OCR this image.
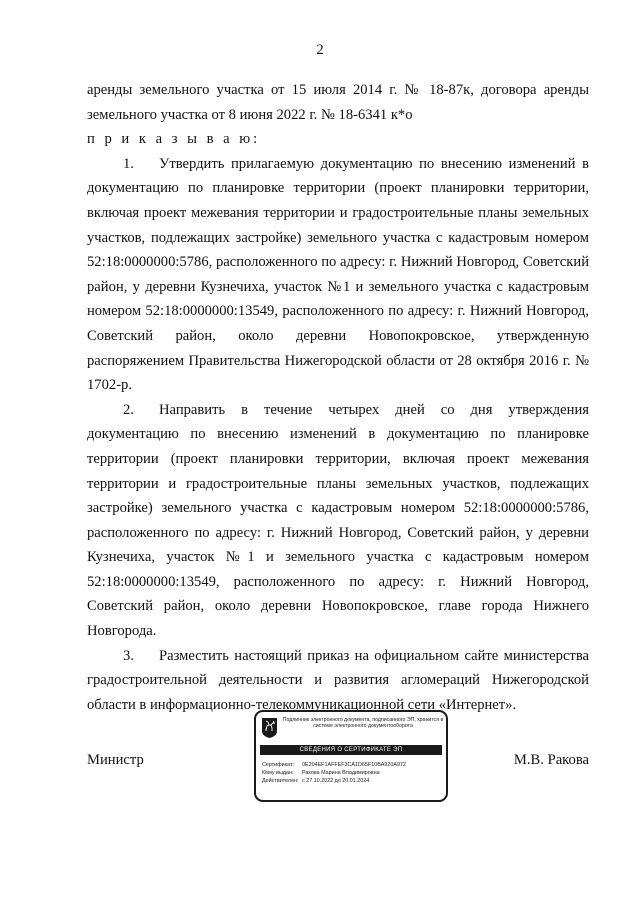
2

аренды земельного участка от 15 июля 2014 г. № 18-87к, договора аренды земельного участка от 8 июня 2022 г. № 18-6341 к*о

п р и к а з ы в а ю:

1. Утвердить прилагаемую документацию по внесению изменений в документацию по планировке территории (проект планировки территории, включая проект межевания территории и градостроительные планы земельных участков, подлежащих застройке) земельного участка с кадастровым номером 52:18:0000000:5786, расположенного по адресу: г. Нижний Новгород, Советский район, у деревни Кузнечиха, участок №1 и земельного участка с кадастровым номером 52:18:0000000:13549, расположенного по адресу: г. Нижний Новгород, Советский район, около деревни Новопокровское, утвержденную распоряжением Правительства Нижегородской области от 28 октября 2016 г. № 1702-р.

2. Направить в течение четырех дней со дня утверждения документацию по внесению изменений в документацию по планировке территории (проект планировки территории, включая проект межевания территории и градостроительные планы земельных участков, подлежащих застройке) земельного участка с кадастровым номером 52:18:0000000:5786, расположенного по адресу: г. Нижний Новгород, Советский район, у деревни Кузнечиха, участок №1 и земельного участка с кадастровым номером 52:18:0000000:13549, расположенного по адресу: г. Нижний Новгород, Советский район, около деревни Новопокровское, главе города Нижнего Новгорода.

3. Разместить настоящий приказ на официальном сайте министерства градостроительной деятельности и развития агломераций Нижегородской области в информационно-телекоммуникационной сети «Интернет».

Министр	М.В. Ракова
Подлинник электронного документа, подписанного ЭП, хранится в системе электронного документооборота
СВЕДЕНИЯ О СЕРТИФИКАТЕ ЭП
Сертификат: 0E204EF1AFFEF3CA1D65F10BA920A972
Кому выдан: Ракова Марина Владимировна
Действителен: с 27.10.2022 до 20.01.2024
